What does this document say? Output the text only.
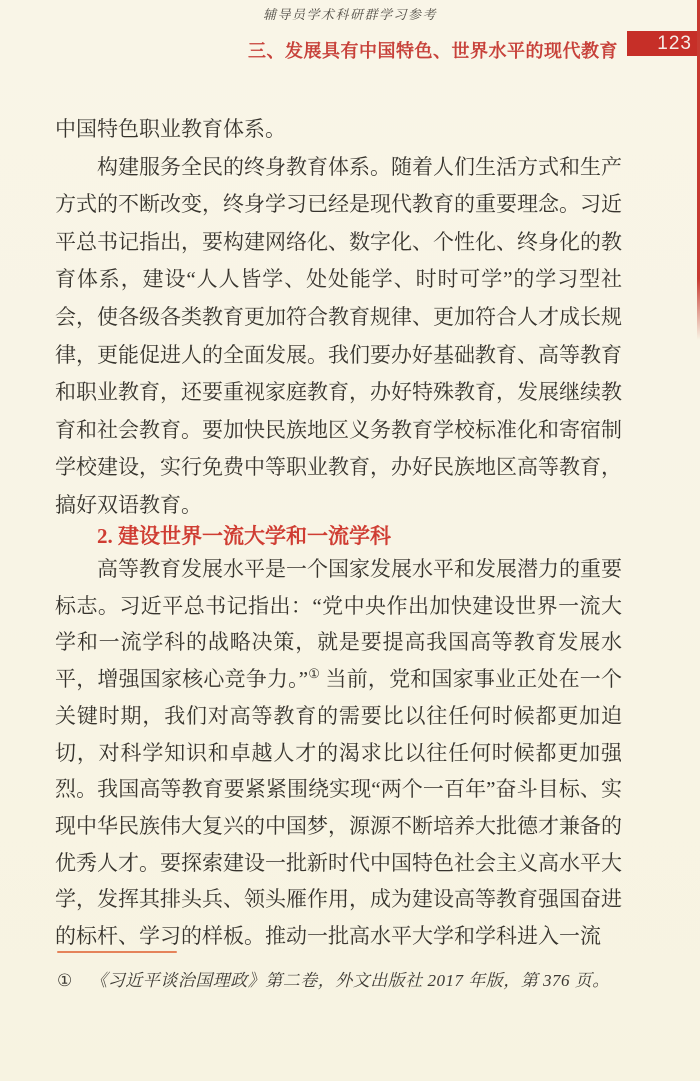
辅导员学术科研群学习参考
三、发展具有中国特色、世界水平的现代教育 123

中国特色职业教育体系。

构建服务全民的终身教育体系。随着人们生活方式和生产方式的不断改变，终身学习已经是现代教育的重要理念。习近平总书记指出，要构建网络化、数字化、个性化、终身化的教育体系，建设“人人皆学、处处能学、时时可学”的学习型社会，使各级各类教育更加符合教育规律、更加符合人才成长规律，更能促进人的全面发展。我们要办好基础教育、高等教育和职业教育，还要重视家庭教育，办好特殊教育，发展继续教育和社会教育。要加快民族地区义务教育学校标准化和寄宿制学校建设，实行免费中等职业教育，办好民族地区高等教育，搞好双语教育。

2. 建设世界一流大学和一流学科

高等教育发展水平是一个国家发展水平和发展潜力的重要标志。习近平总书记指出：“党中央作出加快建设世界一流大学和一流学科的战略决策，就是要提高我国高等教育发展水平，增强国家核心竞争力。”① 当前，党和国家事业正处在一个关键时期，我们对高等教育的需要比以往任何时候都更加迫切，对科学知识和卓越人才的渴求比以往任何时候都更加强烈。我国高等教育要紧紧围绕实现“两个一百年”奋斗目标、实现中华民族伟大复兴的中国梦，源源不断培养大批德才兼备的优秀人才。要探索建设一批新时代中国特色社会主义高水平大学，发挥其排头兵、领头雁作用，成为建设高等教育强国奋进的标杆、学习的样板。推动一批高水平大学和学科进入一流

① 《习近平谈治国理政》第二卷，外文出版社 2017 年版，第 376 页。
